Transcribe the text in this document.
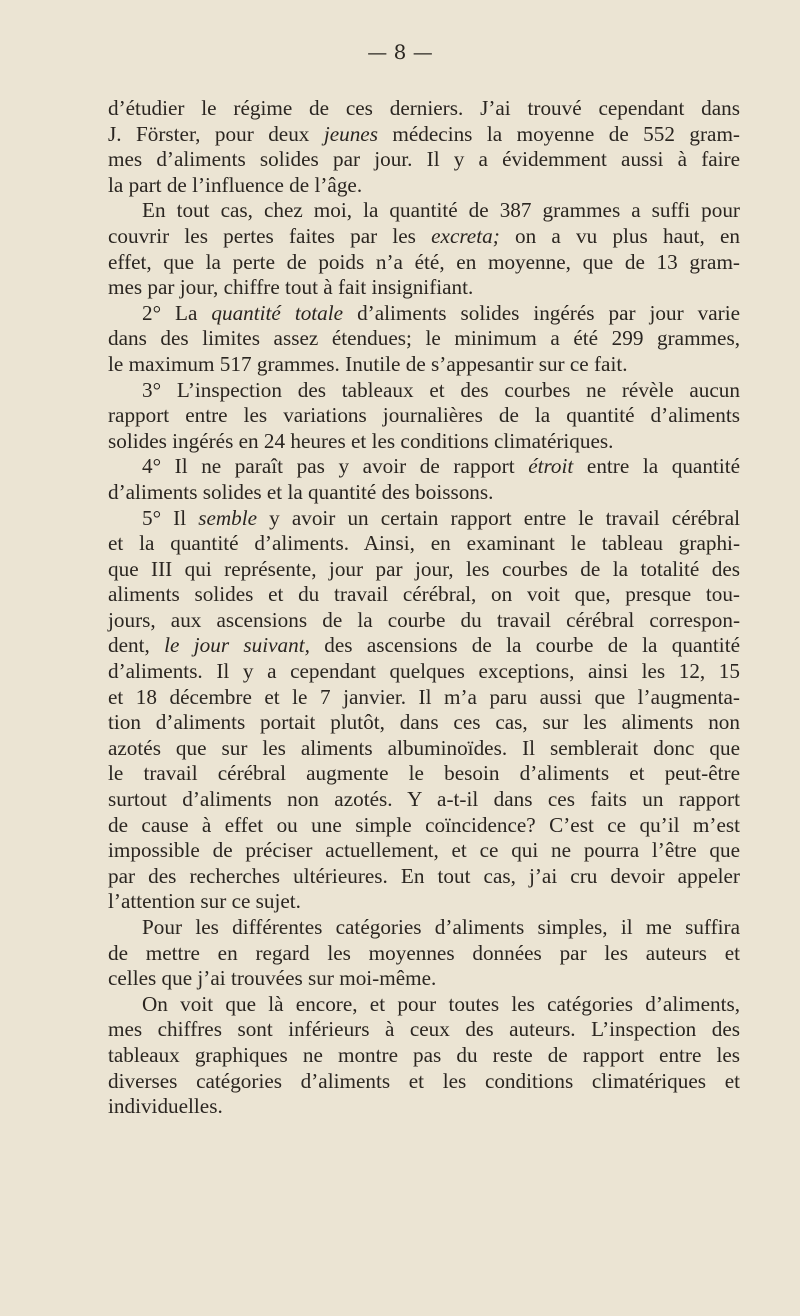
— 8 —
d’étudier le régime de ces derniers. J’ai trouvé cependant dans
J. Förster, pour deux jeunes médecins la moyenne de 552 gram-
mes d’aliments solides par jour. Il y a évidemment aussi à faire
la part de l’influence de l’âge.
En tout cas, chez moi, la quantité de 387 grammes a suffi pour
couvrir les pertes faites par les excreta; on a vu plus haut, en
effet, que la perte de poids n’a été, en moyenne, que de 13 gram-
mes par jour, chiffre tout à fait insignifiant.
2° La quantité totale d’aliments solides ingérés par jour varie
dans des limites assez étendues; le minimum a été 299 grammes,
le maximum 517 grammes. Inutile de s’appesantir sur ce fait.
3° L’inspection des tableaux et des courbes ne révèle aucun
rapport entre les variations journalières de la quantité d’aliments
solides ingérés en 24 heures et les conditions climatériques.
4° Il ne paraît pas y avoir de rapport étroit entre la quantité
d’aliments solides et la quantité des boissons.
5° Il semble y avoir un certain rapport entre le travail cérébral
et la quantité d’aliments. Ainsi, en examinant le tableau graphi-
que III qui représente, jour par jour, les courbes de la totalité des
aliments solides et du travail cérébral, on voit que, presque tou-
jours, aux ascensions de la courbe du travail cérébral correspon-
dent, le jour suivant, des ascensions de la courbe de la quantité
d’aliments. Il y a cependant quelques exceptions, ainsi les 12, 15
et 18 décembre et le 7 janvier. Il m’a paru aussi que l’augmenta-
tion d’aliments portait plutôt, dans ces cas, sur les aliments non
azotés que sur les aliments albuminoïdes. Il semblerait donc que
le travail cérébral augmente le besoin d’aliments et peut-être
surtout d’aliments non azotés. Y a-t-il dans ces faits un rapport
de cause à effet ou une simple coïncidence? C’est ce qu’il m’est
impossible de préciser actuellement, et ce qui ne pourra l’être que
par des recherches ultérieures. En tout cas, j’ai cru devoir appeler
l’attention sur ce sujet.
Pour les différentes catégories d’aliments simples, il me suffira
de mettre en regard les moyennes données par les auteurs et
celles que j’ai trouvées sur moi-même.
On voit que là encore, et pour toutes les catégories d’aliments,
mes chiffres sont inférieurs à ceux des auteurs. L’inspection des
tableaux graphiques ne montre pas du reste de rapport entre les
diverses catégories d’aliments et les conditions climatériques et
individuelles.
